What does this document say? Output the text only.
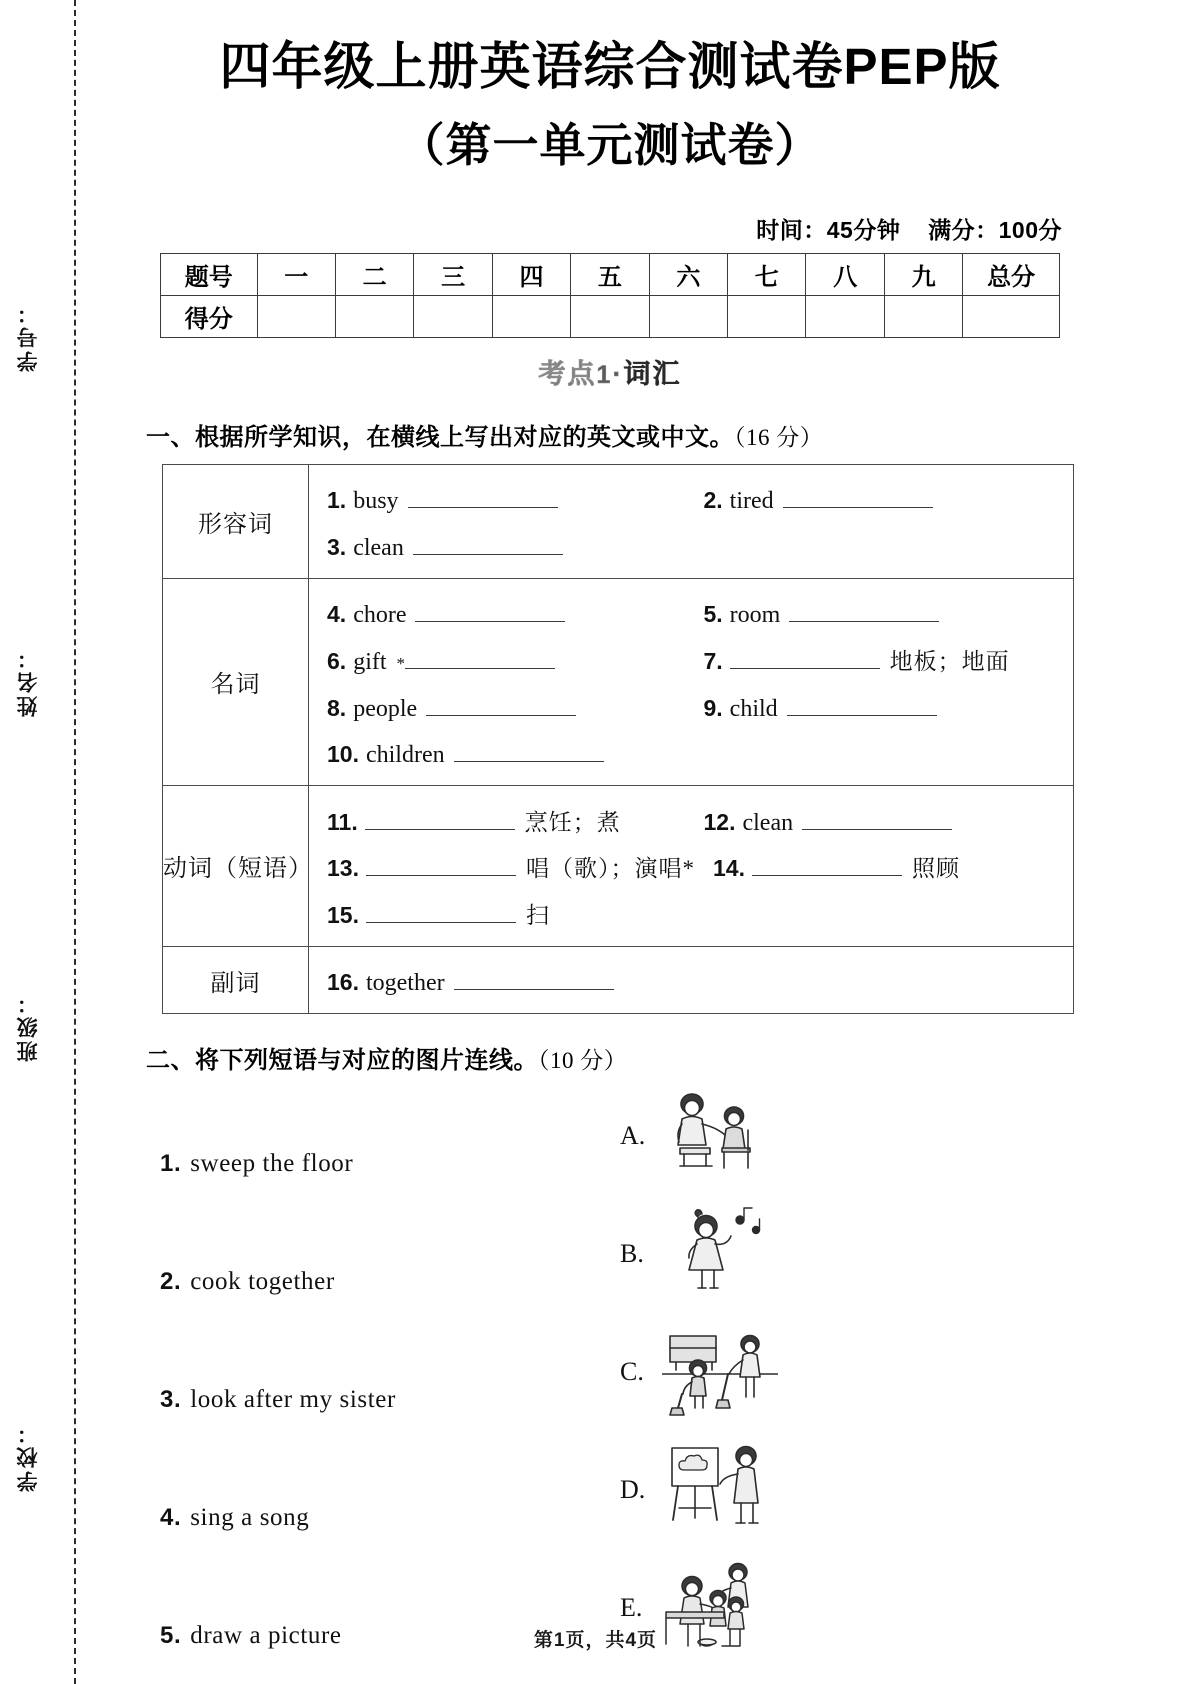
学号：
姓名：
班级：
学校：
四年级上册英语综合测试卷PEP版
（第一单元测试卷）
时间：45分钟 满分：100分
题号	一	二	三	四	五	六	七	八	九	总分
得分										
考点1·词汇
一、根据所学知识，在横线上写出对应的英文或中文。（16 分）
形容词	
1. busy	2. tired
3. clean

名词	
4. chore	5. room
6. gift *	7.	地板；地面
8. people	9. child
10. children

动词（短语）	
11.	烹饪；煮	12. clean
13.	唱（歌）；演唱* 14.	照顾
15.	扫

副词	16. together
二、将下列短语与对应的图片连线。（10 分）
1. sweep the floor
2. cook together
3. look after my sister
4. sing a song
5. draw a picture
A.
B.
C.
D.
E.
第1页，共4页
